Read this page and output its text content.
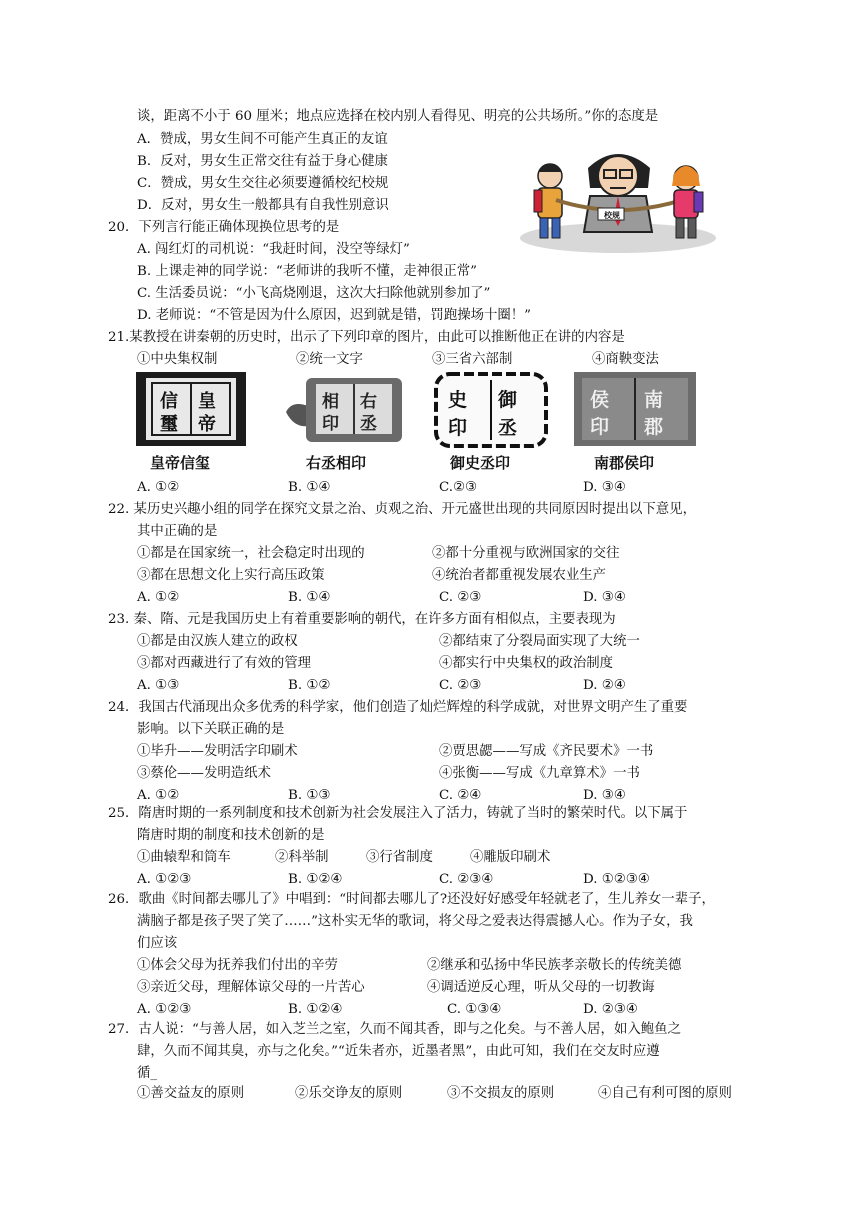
谈，距离不小于 60 厘米；地点应选择在校内别人看得见、明亮的公共场所。”你的态度是
A．赞成，男女生间不可能产生真正的友谊
B．反对，男女生正常交往有益于身心健康
C．赞成，男女生交往必须要遵循校纪校规
D．反对，男女生一般都具有自我性别意识
校规
20．下列言行能正确体现换位思考的是
A. 闯红灯的司机说：“我赶时间，没空等绿灯”
B. 上课走神的同学说：“老师讲的我听不懂，走神很正常”
C. 生活委员说：“小飞高烧刚退，这次大扫除他就别参加了”
D. 老师说：“不管是因为什么原因，迟到就是错，罚跑操场十圈！”
21.某教授在讲秦朝的历史时，出示了下列印章的图片，由此可以推断他正在讲的内容是
①中央集权制	②统一文字	③三省六部制	④商鞅变法
信 皇
璽 帝
皇帝信玺
相 右
印 丞
右丞相印
史 御
印 丞
御史丞印
侯 南
印 郡
南郡侯印
A. ①②	B. ①④	C.②③	D. ③④
22. 某历史兴趣小组的同学在探究文景之治、贞观之治、开元盛世出现的共同原因时提出以下意见，
其中正确的是
①都是在国家统一，社会稳定时出现的	②都十分重视与欧洲国家的交往
③都在思想文化上实行高压政策	④统治者都重视发展农业生产
A. ①②	B. ①④	C. ②③	D. ③④
23. 秦、隋、元是我国历史上有着重要影响的朝代，在许多方面有相似点，主要表现为
①都是由汉族人建立的政权	②都结束了分裂局面实现了大统一
③都对西藏进行了有效的管理	④都实行中央集权的政治制度
A. ①③	B. ①②	C. ②③	D. ②④
24．我国古代涌现出众多优秀的科学家，他们创造了灿烂辉煌的科学成就，对世界文明产生了重要
影响。以下关联正确的是
①毕升——发明活字印刷术	②贾思勰——写成《齐民要术》一书
③蔡伦——发明造纸术	④张衡——写成《九章算术》一书
A. ①②	B. ①③	C. ②④	D. ③④
25．隋唐时期的一系列制度和技术创新为社会发展注入了活力，铸就了当时的繁荣时代。以下属于
隋唐时期的制度和技术创新的是
①曲辕犁和筒车	②科举制	③行省制度	④雕版印刷术
A. ①②③	B. ①②④	C. ②③④	D. ①②③④
26．歌曲《时间都去哪儿了》中唱到：“时间都去哪儿了?还没好好感受年轻就老了，生儿养女一辈子，
满脑子都是孩子哭了笑了……”这朴实无华的歌词，将父母之爱表达得震撼人心。作为子女，我
们应该
①体会父母为抚养我们付出的辛劳	②继承和弘扬中华民族孝亲敬长的传统美德
③亲近父母，理解体谅父母的一片苦心	④调适逆反心理，听从父母的一切教诲
A. ①②③	B. ①②④	C. ①③④	D. ②③④
27．古人说：“与善人居，如入芝兰之室，久而不闻其香，即与之化矣。与不善人居，如入鲍鱼之
肆，久而不闻其臭，亦与之化矣。”“近朱者亦，近墨者黑”，由此可知，我们在交友时应遵
循_
①善交益友的原则	②乐交诤友的原则	③不交损友的原则	④自己有利可图的原则
